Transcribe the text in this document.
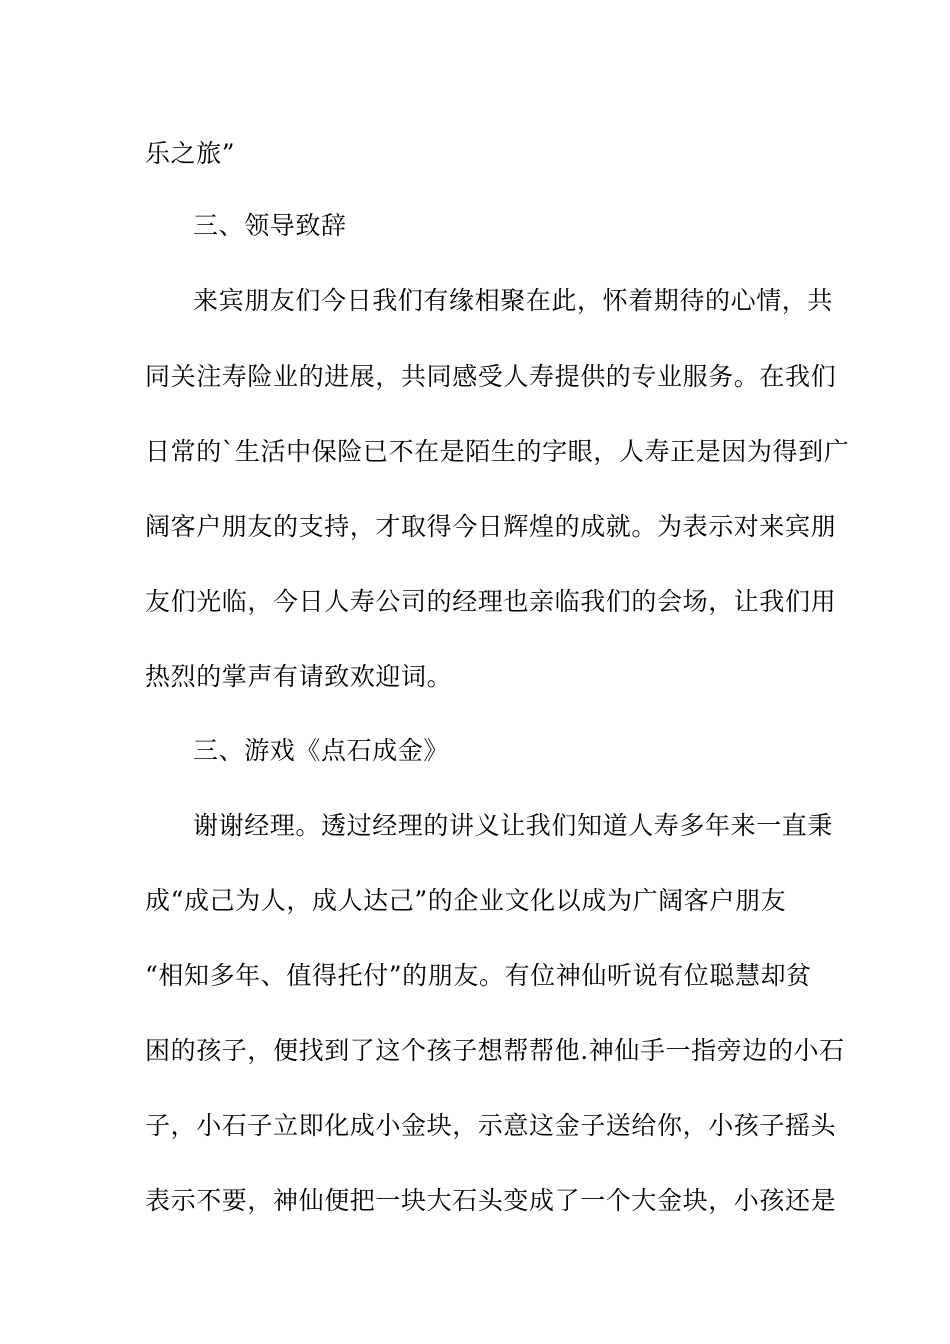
乐之旅”
三、领导致辞
来宾朋友们今日我们有缘相聚在此，怀着期待的心情，共
同关注寿险业的进展，共同感受人寿提供的专业服务。在我们
日常的`生活中保险已不在是陌生的字眼，人寿正是因为得到广
阔客户朋友的支持，才取得今日辉煌的成就。为表示对来宾朋
友们光临，今日人寿公司的经理也亲临我们的会场，让我们用
热烈的掌声有请致欢迎词。
三、游戏《点石成金》
谢谢经理。透过经理的讲义让我们知道人寿多年来一直秉
成“成己为人，成人达己”的企业文化以成为广阔客户朋友
“相知多年、值得托付”的朋友。有位神仙听说有位聪慧却贫
困的孩子，便找到了这个孩子想帮帮他.神仙手一指旁边的小石
子，小石子立即化成小金块，示意这金子送给你，小孩子摇头
表示不要，神仙便把一块大石头变成了一个大金块，小孩还是
